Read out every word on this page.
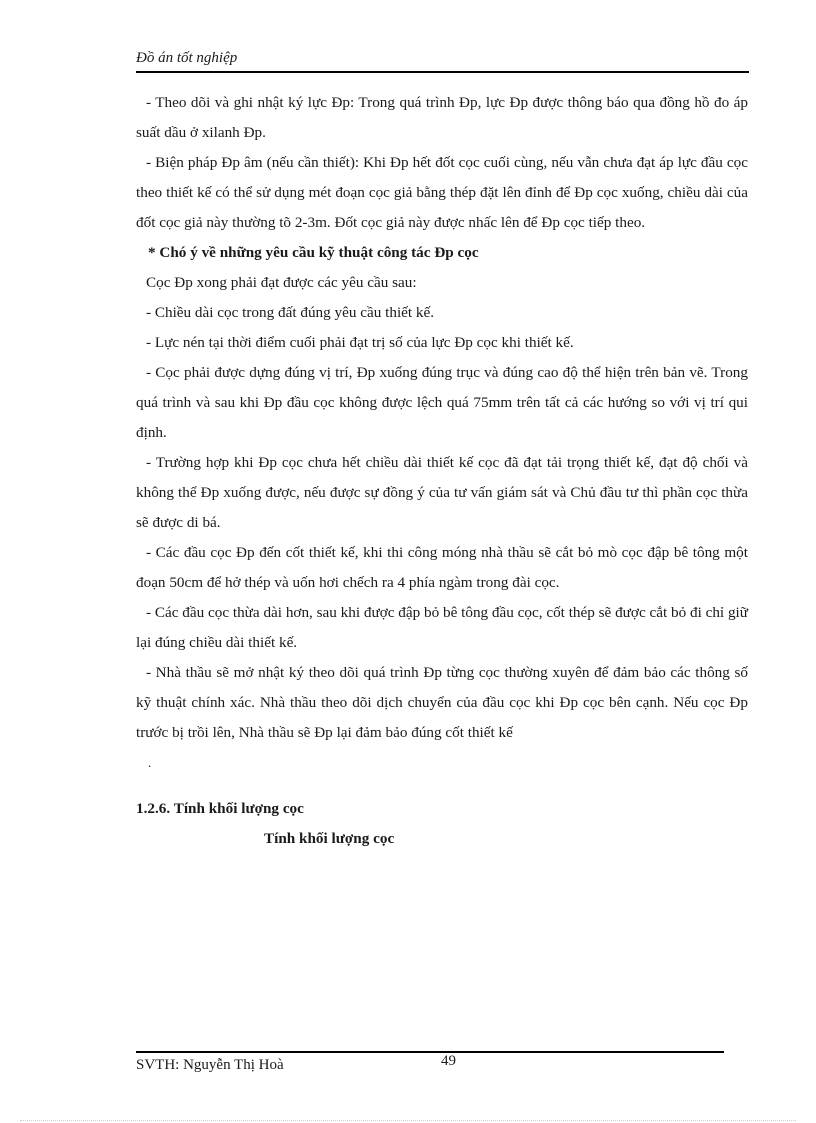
Đồ án tốt nghiệp

- Theo dõi và ghi nhật ký lực Đp: Trong quá trình Đp, lực Đp được thông báo qua đồng hồ đo áp suất dầu ở xilanh Đp.

- Biện pháp Đp âm (nếu cần thiết): Khi Đp hết đốt cọc cuối cùng, nếu vẫn chưa đạt áp lực đầu cọc theo thiết kế có thể sử dụng mét đoạn cọc giả bằng thép đặt lên đỉnh để Đp cọc xuống, chiều dài của đốt cọc giả này thường tõ 2-3m. Đốt cọc giả này được nhấc lên để Đp cọc tiếp theo.

* Chó ý về những yêu cầu kỹ thuật công tác Đp cọc

Cọc Đp xong phải đạt được các yêu cầu sau:

- Chiều dài cọc trong đất đúng yêu cầu thiết kế.

- Lực nén tại thời điểm cuối phải đạt trị số của lực Đp cọc khi thiết kế.

- Cọc phải được dựng đúng vị trí, Đp xuống đúng trục và đúng cao độ thể hiện trên bản vẽ. Trong quá trình và sau khi Đp đầu cọc không được lệch quá 75mm trên tất cả các hướng so với vị trí qui định.

- Trường hợp khi Đp cọc chưa hết chiều dài thiết kế cọc đã đạt tải trọng thiết kế, đạt độ chối và không thể Đp xuống được, nếu được sự đồng ý của tư vấn giám sát và Chủ đầu tư thì phần cọc thừa sẽ được di bá.

- Các đầu cọc Đp đến cốt thiết kế, khi thi công móng nhà thầu sẽ cắt bỏ mò cọc đập bê tông một đoạn 50cm để hở thép và uốn hơi chếch ra 4 phía ngàm trong đài cọc.

- Các đầu cọc thừa dài hơn, sau khi được đập bỏ bê tông đầu cọc, cốt thép sẽ được cắt bỏ đi chỉ giữ lại đúng chiều dài thiết kế.

- Nhà thầu sẽ mở nhật ký theo dõi quá trình Đp từng cọc thường xuyên để đảm bảo các thông số kỹ thuật chính xác. Nhà thầu theo dõi dịch chuyển của đầu cọc khi Đp cọc bên cạnh. Nếu cọc Đp trước bị trồi lên, Nhà thầu sẽ Đp lại đảm bảo đúng cốt thiết kế

.

1.2.6. Tính khối lượng cọc

Tính khối lượng cọc

SVTH: Nguyễn Thị Hoà	49
